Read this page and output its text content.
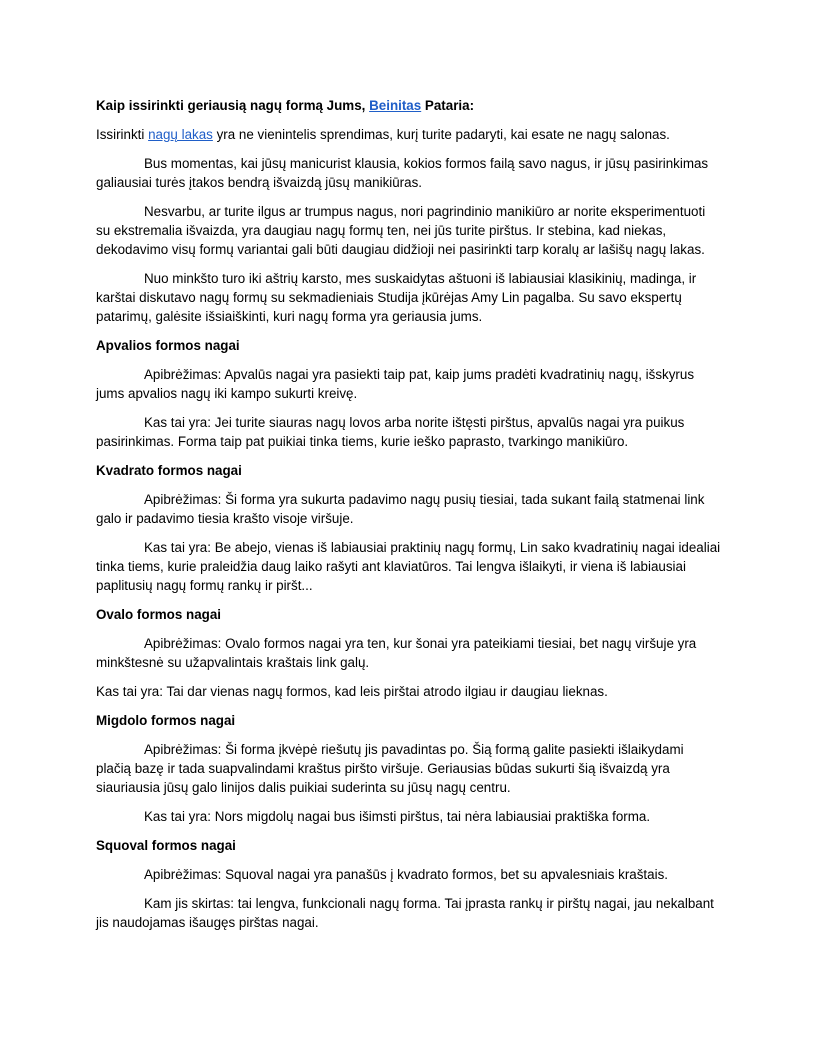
Kaip issirinkti geriausią nagų formą Jums, Beinitas Pataria:

Issirinkti nagų lakas yra ne vienintelis sprendimas, kurį turite padaryti, kai esate ne nagų salonas.

Bus momentas, kai jūsų manicurist klausia, kokios formos failą savo nagus, ir jūsų pasirinkimas galiausiai turės įtakos bendrą išvaizdą jūsų manikiūras.

Nesvarbu, ar turite ilgus ar trumpus nagus, nori pagrindinio manikiūro ar norite eksperimentuoti su ekstremalia išvaizda, yra daugiau nagų formų ten, nei jūs turite pirštus. Ir stebina, kad niekas, dekodavimo visų formų variantai gali būti daugiau didžioji nei pasirinkti tarp koralų ar lašišų nagų lakas.

Nuo minkšto turo iki aštrių karsto, mes suskaidytas aštuoni iš labiausiai klasikinių, madinga, ir karštai diskutavo nagų formų su sekmadieniais Studija įkūrėjas Amy Lin pagalba. Su savo ekspertų patarimų, galėsite išsiaiškinti, kuri nagų forma yra geriausia jums.

Apvalios formos nagai

Apibrėžimas: Apvalūs nagai yra pasiekti taip pat, kaip jums pradėti kvadratinių nagų, išskyrus jums apvalios nagų iki kampo sukurti kreivę.

Kas tai yra: Jei turite siauras nagų lovos arba norite ištęsti pirštus, apvalūs nagai yra puikus pasirinkimas. Forma taip pat puikiai tinka tiems, kurie ieško paprasto, tvarkingo manikiūro.

Kvadrato formos nagai

Apibrėžimas: Ši forma yra sukurta padavimo nagų pusių tiesiai, tada sukant failą statmenai link galo ir padavimo tiesia krašto visoje viršuje.

Kas tai yra: Be abejo, vienas iš labiausiai praktinių nagų formų, Lin sako kvadratinių nagai idealiai tinka tiems, kurie praleidžia daug laiko rašyti ant klaviatūros. Tai lengva išlaikyti, ir viena iš labiausiai paplitusių nagų formų rankų ir piršt...

Ovalo formos nagai

Apibrėžimas: Ovalo formos nagai yra ten, kur šonai yra pateikiami tiesiai, bet nagų viršuje yra minkštesnė su užapvalintais kraštais link galų.

Kas tai yra: Tai dar vienas nagų formos, kad leis pirštai atrodo ilgiau ir daugiau lieknas.

Migdolo formos nagai

Apibrėžimas: Ši forma įkvėpė riešutų jis pavadintas po. Šią formą galite pasiekti išlaikydami plačią bazę ir tada suapvalindami kraštus piršto viršuje. Geriausias būdas sukurti šią išvaizdą yra siauriausia jūsų galo linijos dalis puikiai suderinta su jūsų nagų centru.

Kas tai yra: Nors migdolų nagai bus išimsti pirštus, tai nėra labiausiai praktiška forma.

Squoval formos nagai

Apibrėžimas: Squoval nagai yra panašūs į kvadrato formos, bet su apvalesniais kraštais.

Kam jis skirtas: tai lengva, funkcionali nagų forma. Tai įprasta rankų ir pirštų nagai, jau nekalbant jis naudojamas išaugęs pirštas nagai.
